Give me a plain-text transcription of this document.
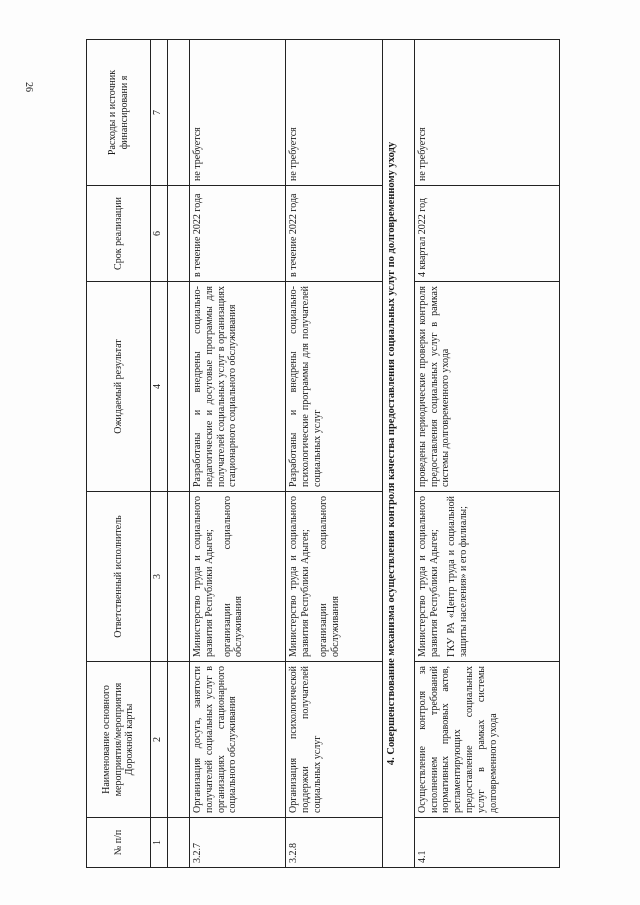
26
№ п/п	Наименование основного мероприятия/мероприятия Дорожной карты	Ответственный исполнитель	Ожидаемый результат	Срок реализации	Расходы и источник финансировани я
1	2	3	4	6	7

3.2.7	Организация досуга, занятости получателей социальных услуг в организациях стационарного социального обслуживания	Министерство труда и социального развития Республики Адыгея; организации социального обслуживания	Разработаны и внедрены социально-педагогические и досуговые программы для получателей социальных услуг в организациях стационарного социального обслуживания	в течение 2022 года	не требуется
3.2.8	Организация психологической поддержки получателей социальных услуг	Министерство труда и социального развития Республики Адыгея; организации социального обслуживания	Разработаны и внедрены социально-психологические программы для получателей социальных услуг	в течение 2022 года	не требуется
4. Совершенствование механизма осуществления контроля качества предоставления социальных услуг по долговременному уходу					
4.1	Осуществление контроля за исполнением требований нормативных правовых актов, регламентирующих предоставление социальных услуг в рамках системы долговременного ухода	Министерство труда и социального развития Республики Адыгея; ГКУ РА «Центр труда и социальной защиты населения» и его филиалы;	проведены периодические проверки контроля предоставления социальных услуг в рамках системы долговременного ухода	4 квартал 2022 год	не требуется
